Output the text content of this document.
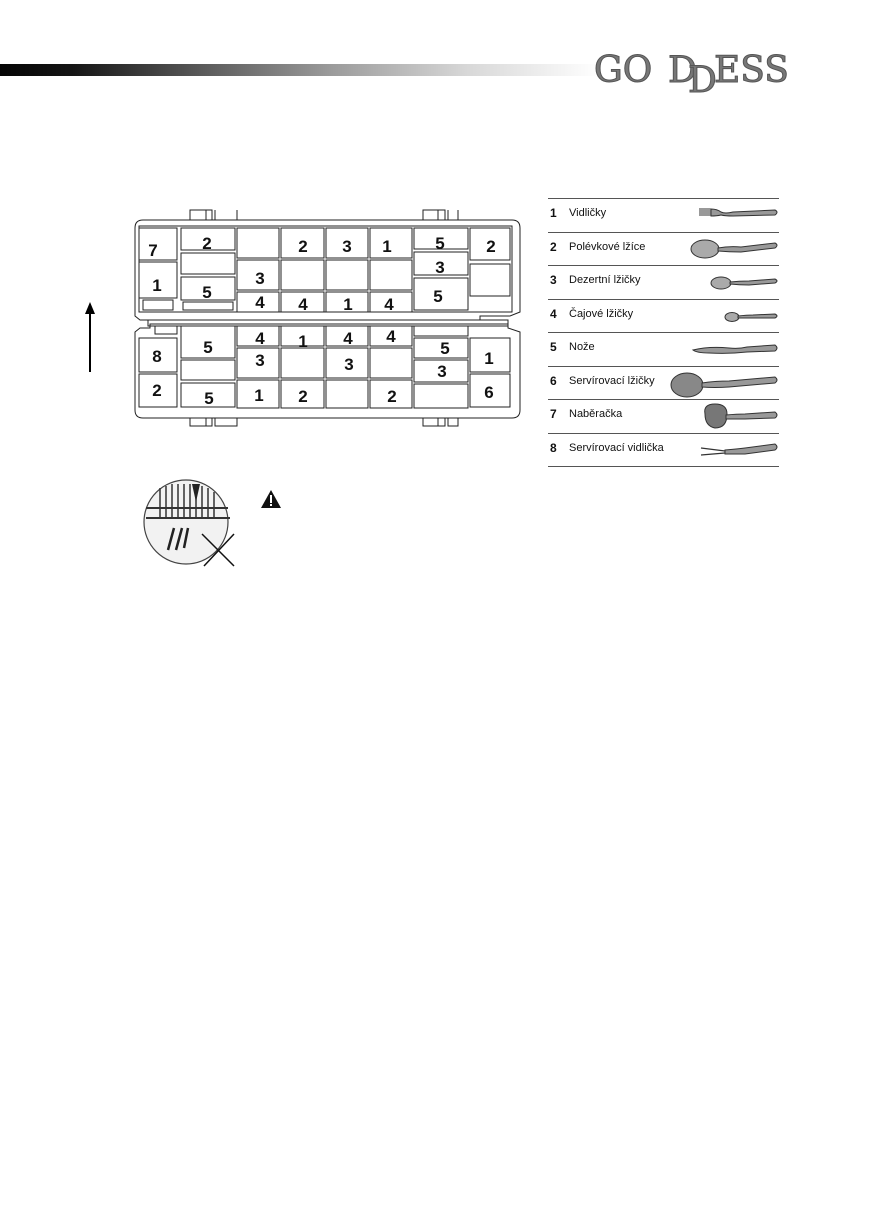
GO D
D
ESS
7	2	2 3 1	5 2
3
1	3
5	5
4 4 1 4
4 1 4 4
5	5
8	1
3	3	3
2	6
5 1 2	2
1 Vidličky
2 Polévkové lžíce
3 Dezertní lžičky
4 Čajové lžičky
5 Nože
6 Servírovací lžičky
7 Naběračka
8 Servírovací vidlička
